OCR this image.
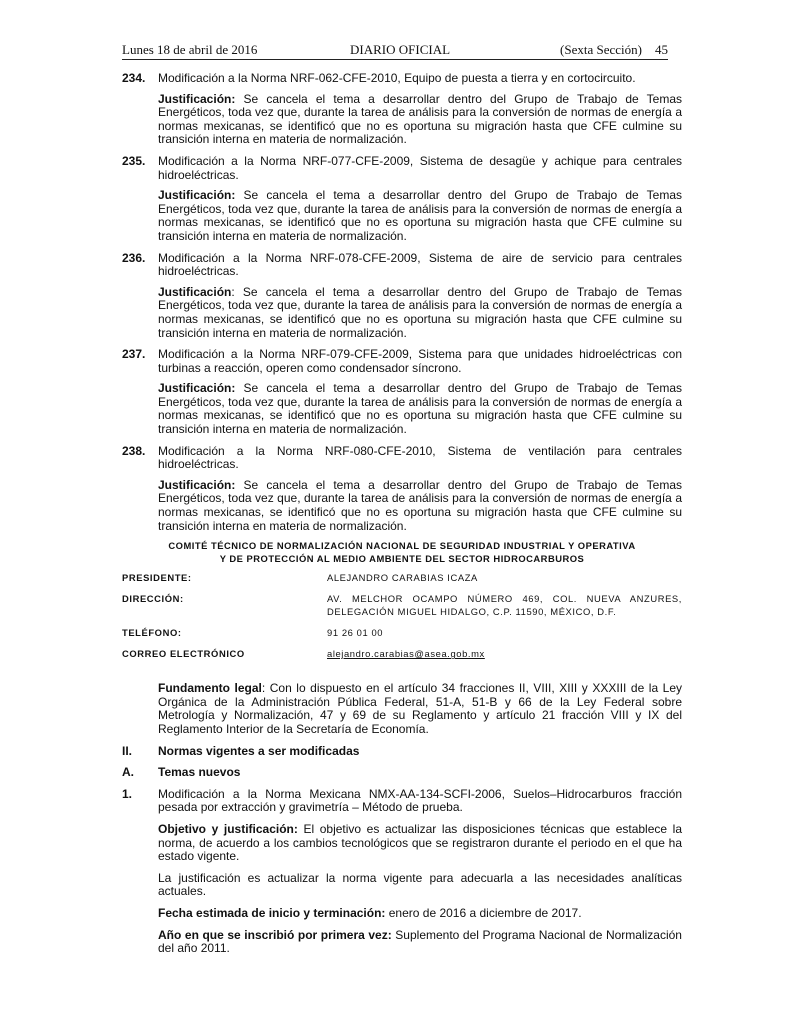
Lunes 18 de abril de 2016	DIARIO OFICIAL	(Sexta Sección) 45

234. Modificación a la Norma NRF-062-CFE-2010, Equipo de puesta a tierra y en cortocircuito.

Justificación: Se cancela el tema a desarrollar dentro del Grupo de Trabajo de Temas Energéticos, toda vez que, durante la tarea de análisis para la conversión de normas de energía a normas mexicanas, se identificó que no es oportuna su migración hasta que CFE culmine su transición interna en materia de normalización.

235. Modificación a la Norma NRF-077-CFE-2009, Sistema de desagüe y achique para centrales hidroeléctricas.

Justificación: Se cancela el tema a desarrollar dentro del Grupo de Trabajo de Temas Energéticos, toda vez que, durante la tarea de análisis para la conversión de normas de energía a normas mexicanas, se identificó que no es oportuna su migración hasta que CFE culmine su transición interna en materia de normalización.

236. Modificación a la Norma NRF-078-CFE-2009, Sistema de aire de servicio para centrales hidroeléctricas.

Justificación: Se cancela el tema a desarrollar dentro del Grupo de Trabajo de Temas Energéticos, toda vez que, durante la tarea de análisis para la conversión de normas de energía a normas mexicanas, se identificó que no es oportuna su migración hasta que CFE culmine su transición interna en materia de normalización.

237. Modificación a la Norma NRF-079-CFE-2009, Sistema para que unidades hidroeléctricas con turbinas a reacción, operen como condensador síncrono.

Justificación: Se cancela el tema a desarrollar dentro del Grupo de Trabajo de Temas Energéticos, toda vez que, durante la tarea de análisis para la conversión de normas de energía a normas mexicanas, se identificó que no es oportuna su migración hasta que CFE culmine su transición interna en materia de normalización.

238. Modificación a la Norma NRF-080-CFE-2010, Sistema de ventilación para centrales hidroeléctricas.

Justificación: Se cancela el tema a desarrollar dentro del Grupo de Trabajo de Temas Energéticos, toda vez que, durante la tarea de análisis para la conversión de normas de energía a normas mexicanas, se identificó que no es oportuna su migración hasta que CFE culmine su transición interna en materia de normalización.

COMITÉ TÉCNICO DE NORMALIZACIÓN NACIONAL DE SEGURIDAD INDUSTRIAL Y OPERATIVA
Y DE PROTECCIÓN AL MEDIO AMBIENTE DEL SECTOR HIDROCARBUROS
PRESIDENTE:	ALEJANDRO CARABIAS ICAZA
DIRECCIÓN:	AV. MELCHOR OCAMPO NÚMERO 469, COL. NUEVA ANZURES, DELEGACIÓN MIGUEL HIDALGO, C.P. 11590, MÉXICO, D.F.
TELÉFONO:	91 26 01 00
CORREO ELECTRÓNICO	alejandro.carabias@asea.gob.mx

Fundamento legal: Con lo dispuesto en el artículo 34 fracciones II, VIII, XIII y XXXIII de la Ley Orgánica de la Administración Pública Federal, 51-A, 51-B y 66 de la Ley Federal sobre Metrología y Normalización, 47 y 69 de su Reglamento y artículo 21 fracción VIII y IX del Reglamento Interior de la Secretaría de Economía.

II. Normas vigentes a ser modificadas

A. Temas nuevos

1. Modificación a la Norma Mexicana NMX-AA-134-SCFI-2006, Suelos–Hidrocarburos fracción pesada por extracción y gravimetría – Método de prueba.

Objetivo y justificación: El objetivo es actualizar las disposiciones técnicas que establece la norma, de acuerdo a los cambios tecnológicos que se registraron durante el periodo en el que ha estado vigente.

La justificación es actualizar la norma vigente para adecuarla a las necesidades analíticas actuales.

Fecha estimada de inicio y terminación: enero de 2016 a diciembre de 2017.

Año en que se inscribió por primera vez: Suplemento del Programa Nacional de Normalización del año 2011.
